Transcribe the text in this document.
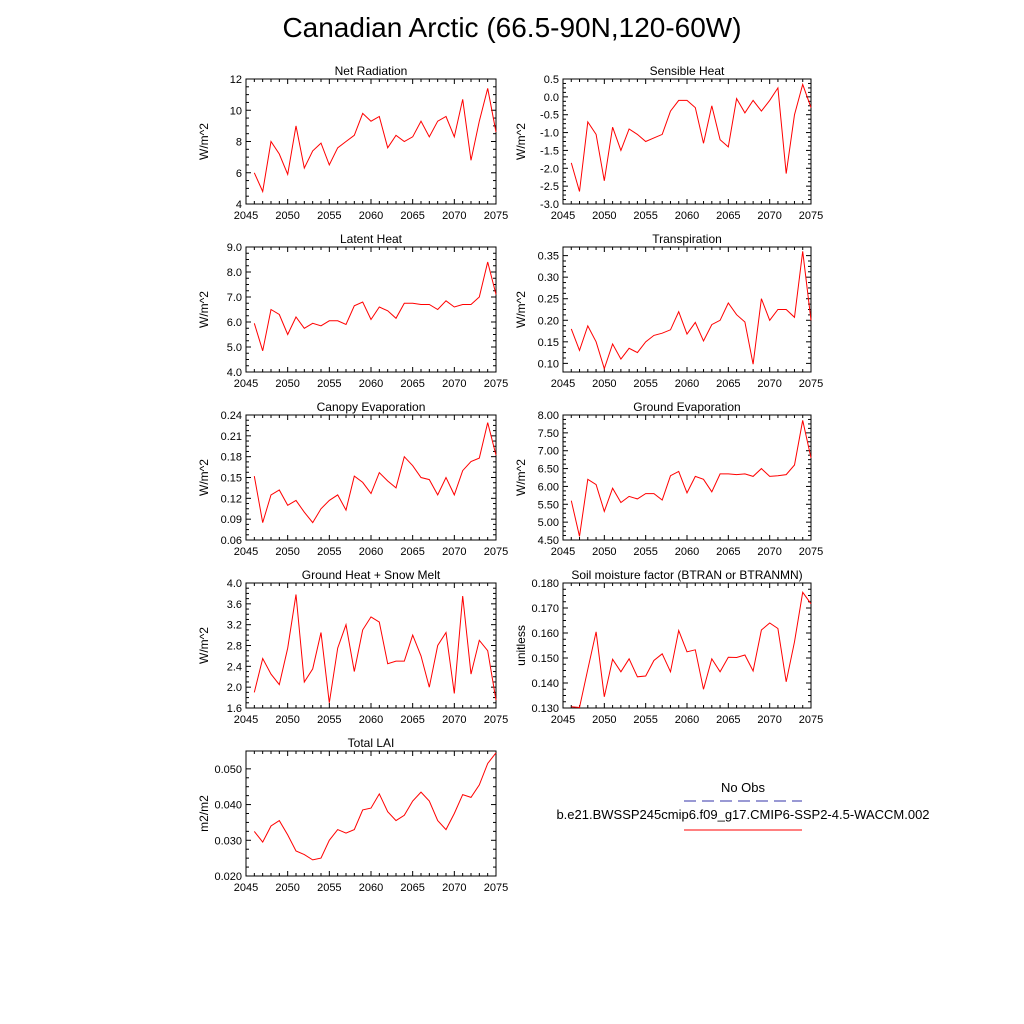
Canadian Arctic (66.5-90N,120-60W)
Net Radiation
W/m^2
2045 2050 2055 2060 2065 2070 2075
4
6
8
10
12
Sensible Heat
W/m^2
2045 2050 2055 2060 2065 2070 2075
-3.0
-2.5
-2.0
-1.5
-1.0
-0.5
0.0
0.5
Latent Heat
W/m^2
2045 2050 2055 2060 2065 2070 2075
4.0
5.0
6.0
7.0
8.0
9.0
Transpiration
W/m^2
2045 2050 2055 2060 2065 2070 2075
0.10
0.15
0.20
0.25
0.30
0.35
Canopy Evaporation
W/m^2
2045 2050 2055 2060 2065 2070 2075
0.06
0.09
0.12
0.15
0.18
0.21
0.24
Ground Evaporation
W/m^2
2045 2050 2055 2060 2065 2070 2075
4.50
5.00
5.50
6.00
6.50
7.00
7.50
8.00
Ground Heat + Snow Melt
W/m^2
2045 2050 2055 2060 2065 2070 2075
1.6
2.0
2.4
2.8
3.2
3.6
4.0
Soil moisture factor (BTRAN or BTRANMN)
unitless
2045 2050 2055 2060 2065 2070 2075
0.130
0.140
0.150
0.160
0.170
0.180
Total LAI
m2/m2
2045 2050 2055 2060 2065 2070 2075
0.020
0.030
0.040
0.050
No Obs
b.e21.BWSSP245cmip6.f09_g17.CMIP6-SSP2-4.5-WACCM.002
